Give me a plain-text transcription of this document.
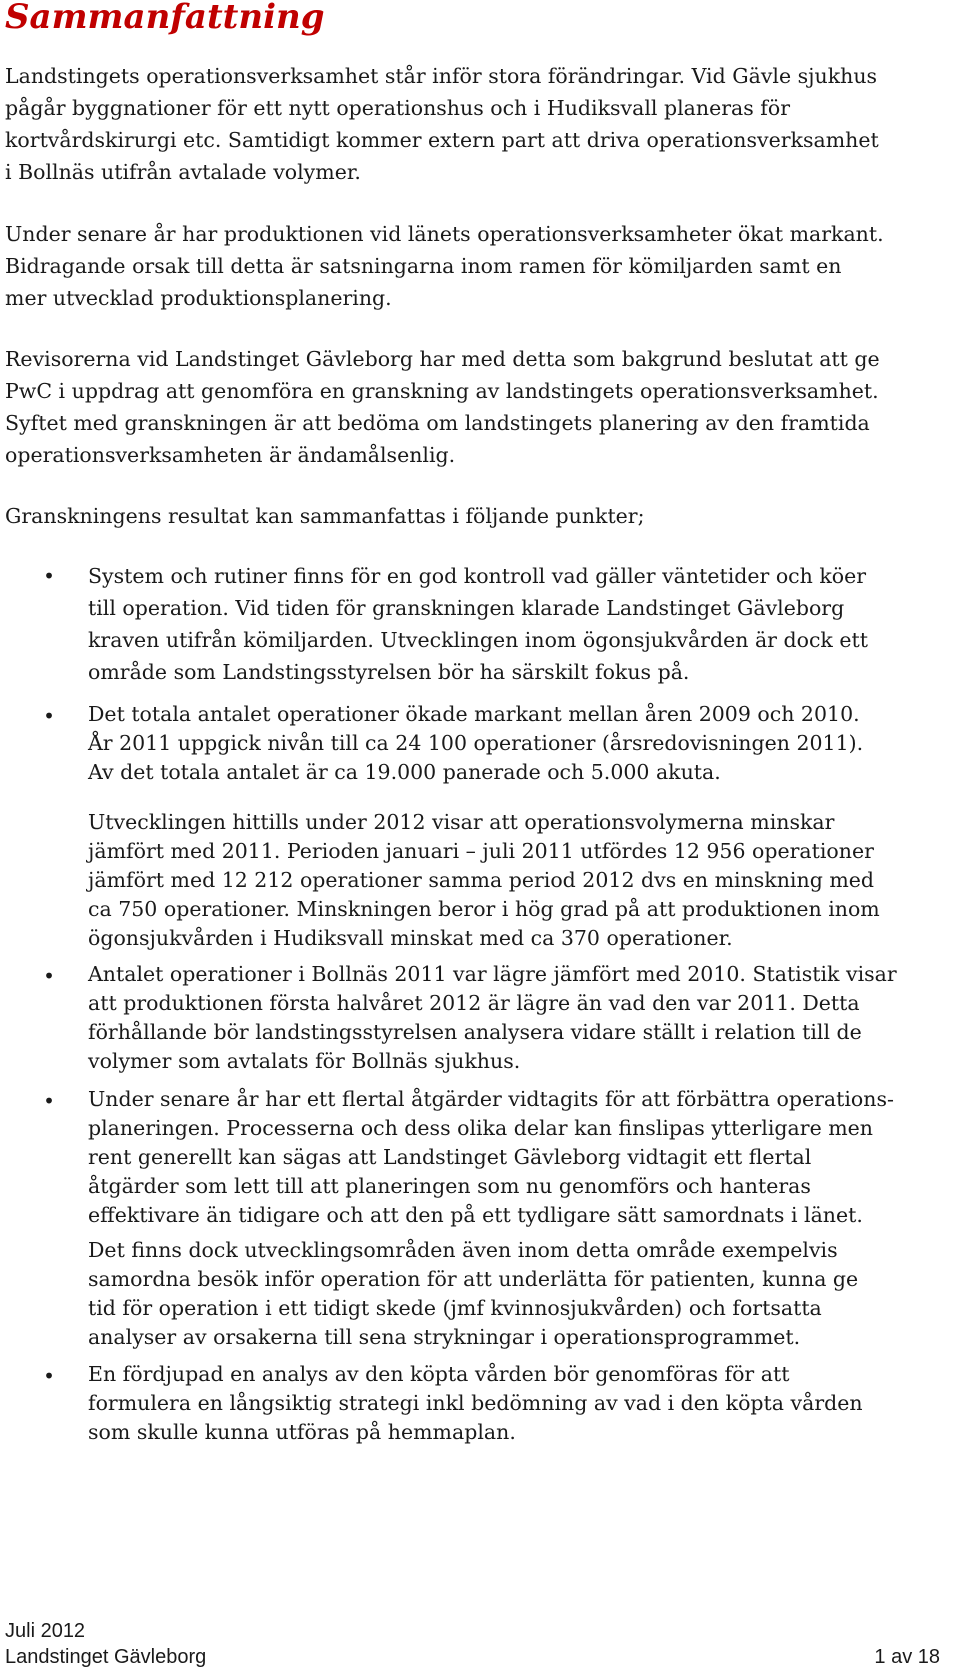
Sammanfattning

Landstingets operationsverksamhet står inför stora förändringar. Vid Gävle sjukhus
pågår byggnationer för ett nytt operationshus och i Hudiksvall planeras för
kortvårdskirurgi etc. Samtidigt kommer extern part att driva operationsverksamhet
i Bollnäs utifrån avtalade volymer.

Under senare år har produktionen vid länets operationsverksamheter ökat markant.
Bidragande orsak till detta är satsningarna inom ramen för kömiljarden samt en
mer utvecklad produktionsplanering.

Revisorerna vid Landstinget Gävleborg har med detta som bakgrund beslutat att ge
PwC i uppdrag att genomföra en granskning av landstingets operationsverksamhet.
Syftet med granskningen är att bedöma om landstingets planering av den framtida
operationsverksamheten är ändamålsenlig.

Granskningens resultat kan sammanfattas i följande punkter;

• System och rutiner finns för en god kontroll vad gäller väntetider och köer
till operation. Vid tiden för granskningen klarade Landstinget Gävleborg
kraven utifrån kömiljarden. Utvecklingen inom ögonsjukvården är dock ett
område som Landstingsstyrelsen bör ha särskilt fokus på.

• Det totala antalet operationer ökade markant mellan åren 2009 och 2010.
År 2011 uppgick nivån till ca 24 100 operationer (årsredovisningen 2011).
Av det totala antalet är ca 19.000 panerade och 5.000 akuta.

Utvecklingen hittills under 2012 visar att operationsvolymerna minskar
jämfört med 2011. Perioden januari – juli 2011 utfördes 12 956 operationer
jämfört med 12 212 operationer samma period 2012 dvs en minskning med
ca 750 operationer. Minskningen beror i hög grad på att produktionen inom
ögonsjukvården i Hudiksvall minskat med ca 370 operationer.

• Antalet operationer i Bollnäs 2011 var lägre jämfört med 2010. Statistik visar
att produktionen första halvåret 2012 är lägre än vad den var 2011. Detta
förhållande bör landstingsstyrelsen analysera vidare ställt i relation till de
volymer som avtalats för Bollnäs sjukhus.

• Under senare år har ett flertal åtgärder vidtagits för att förbättra operations-
planeringen. Processerna och dess olika delar kan finslipas ytterligare men
rent generellt kan sägas att Landstinget Gävleborg vidtagit ett flertal
åtgärder som lett till att planeringen som nu genomförs och hanteras
effektivare än tidigare och att den på ett tydligare sätt samordnats i länet.

Det finns dock utvecklingsområden även inom detta område exempelvis
samordna besök inför operation för att underlätta för patienten, kunna ge
tid för operation i ett tidigt skede (jmf kvinnosjukvården) och fortsatta
analyser av orsakerna till sena strykningar i operationsprogrammet.

• En fördjupad en analys av den köpta vården bör genomföras för att
formulera en långsiktig strategi inkl bedömning av vad i den köpta vården
som skulle kunna utföras på hemmaplan.

Juli 2012
Landstinget Gävleborg	1 av 18
